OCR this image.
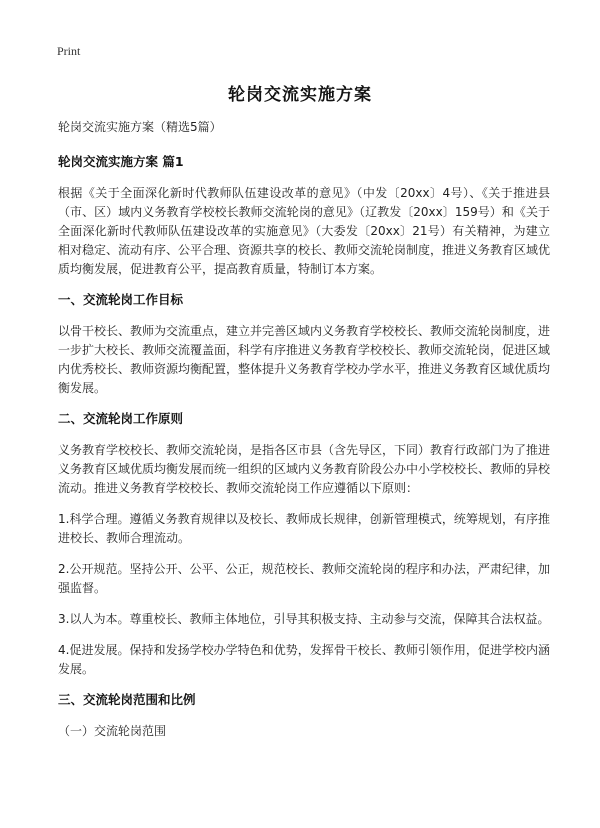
Print
轮岗交流实施方案
轮岗交流实施方案（精选5篇）
轮岗交流实施方案 篇1
根据《关于全面深化新时代教师队伍建设改革的意见》（中发〔20xx〕4号）、《关于推进县（市、区）域内义务教育学校校长教师交流轮岗的意见》（辽教发〔20xx〕159号）和《关于全面深化新时代教师队伍建设改革的实施意见》（大委发〔20xx〕21号）有关精神，为建立相对稳定、流动有序、公平合理、资源共享的校长、教师交流轮岗制度，推进义务教育区域优质均衡发展，促进教育公平，提高教育质量，特制订本方案。
一、交流轮岗工作目标
以骨干校长、教师为交流重点，建立并完善区域内义务教育学校校长、教师交流轮岗制度，进一步扩大校长、教师交流覆盖面，科学有序推进义务教育学校校长、教师交流轮岗，促进区域内优秀校长、教师资源均衡配置，整体提升义务教育学校办学水平，推进义务教育区域优质均衡发展。
二、交流轮岗工作原则
义务教育学校校长、教师交流轮岗，是指各区市县（含先导区，下同）教育行政部门为了推进义务教育区域优质均衡发展而统一组织的区域内义务教育阶段公办中小学校校长、教师的异校流动。推进义务教育学校校长、教师交流轮岗工作应遵循以下原则：
1.科学合理。遵循义务教育规律以及校长、教师成长规律，创新管理模式，统筹规划，有序推进校长、教师合理流动。
2.公开规范。坚持公开、公平、公正，规范校长、教师交流轮岗的程序和办法，严肃纪律，加强监督。
3.以人为本。尊重校长、教师主体地位，引导其积极支持、主动参与交流，保障其合法权益。
4.促进发展。保持和发扬学校办学特色和优势，发挥骨干校长、教师引领作用，促进学校内涵发展。
三、交流轮岗范围和比例
（一）交流轮岗范围
